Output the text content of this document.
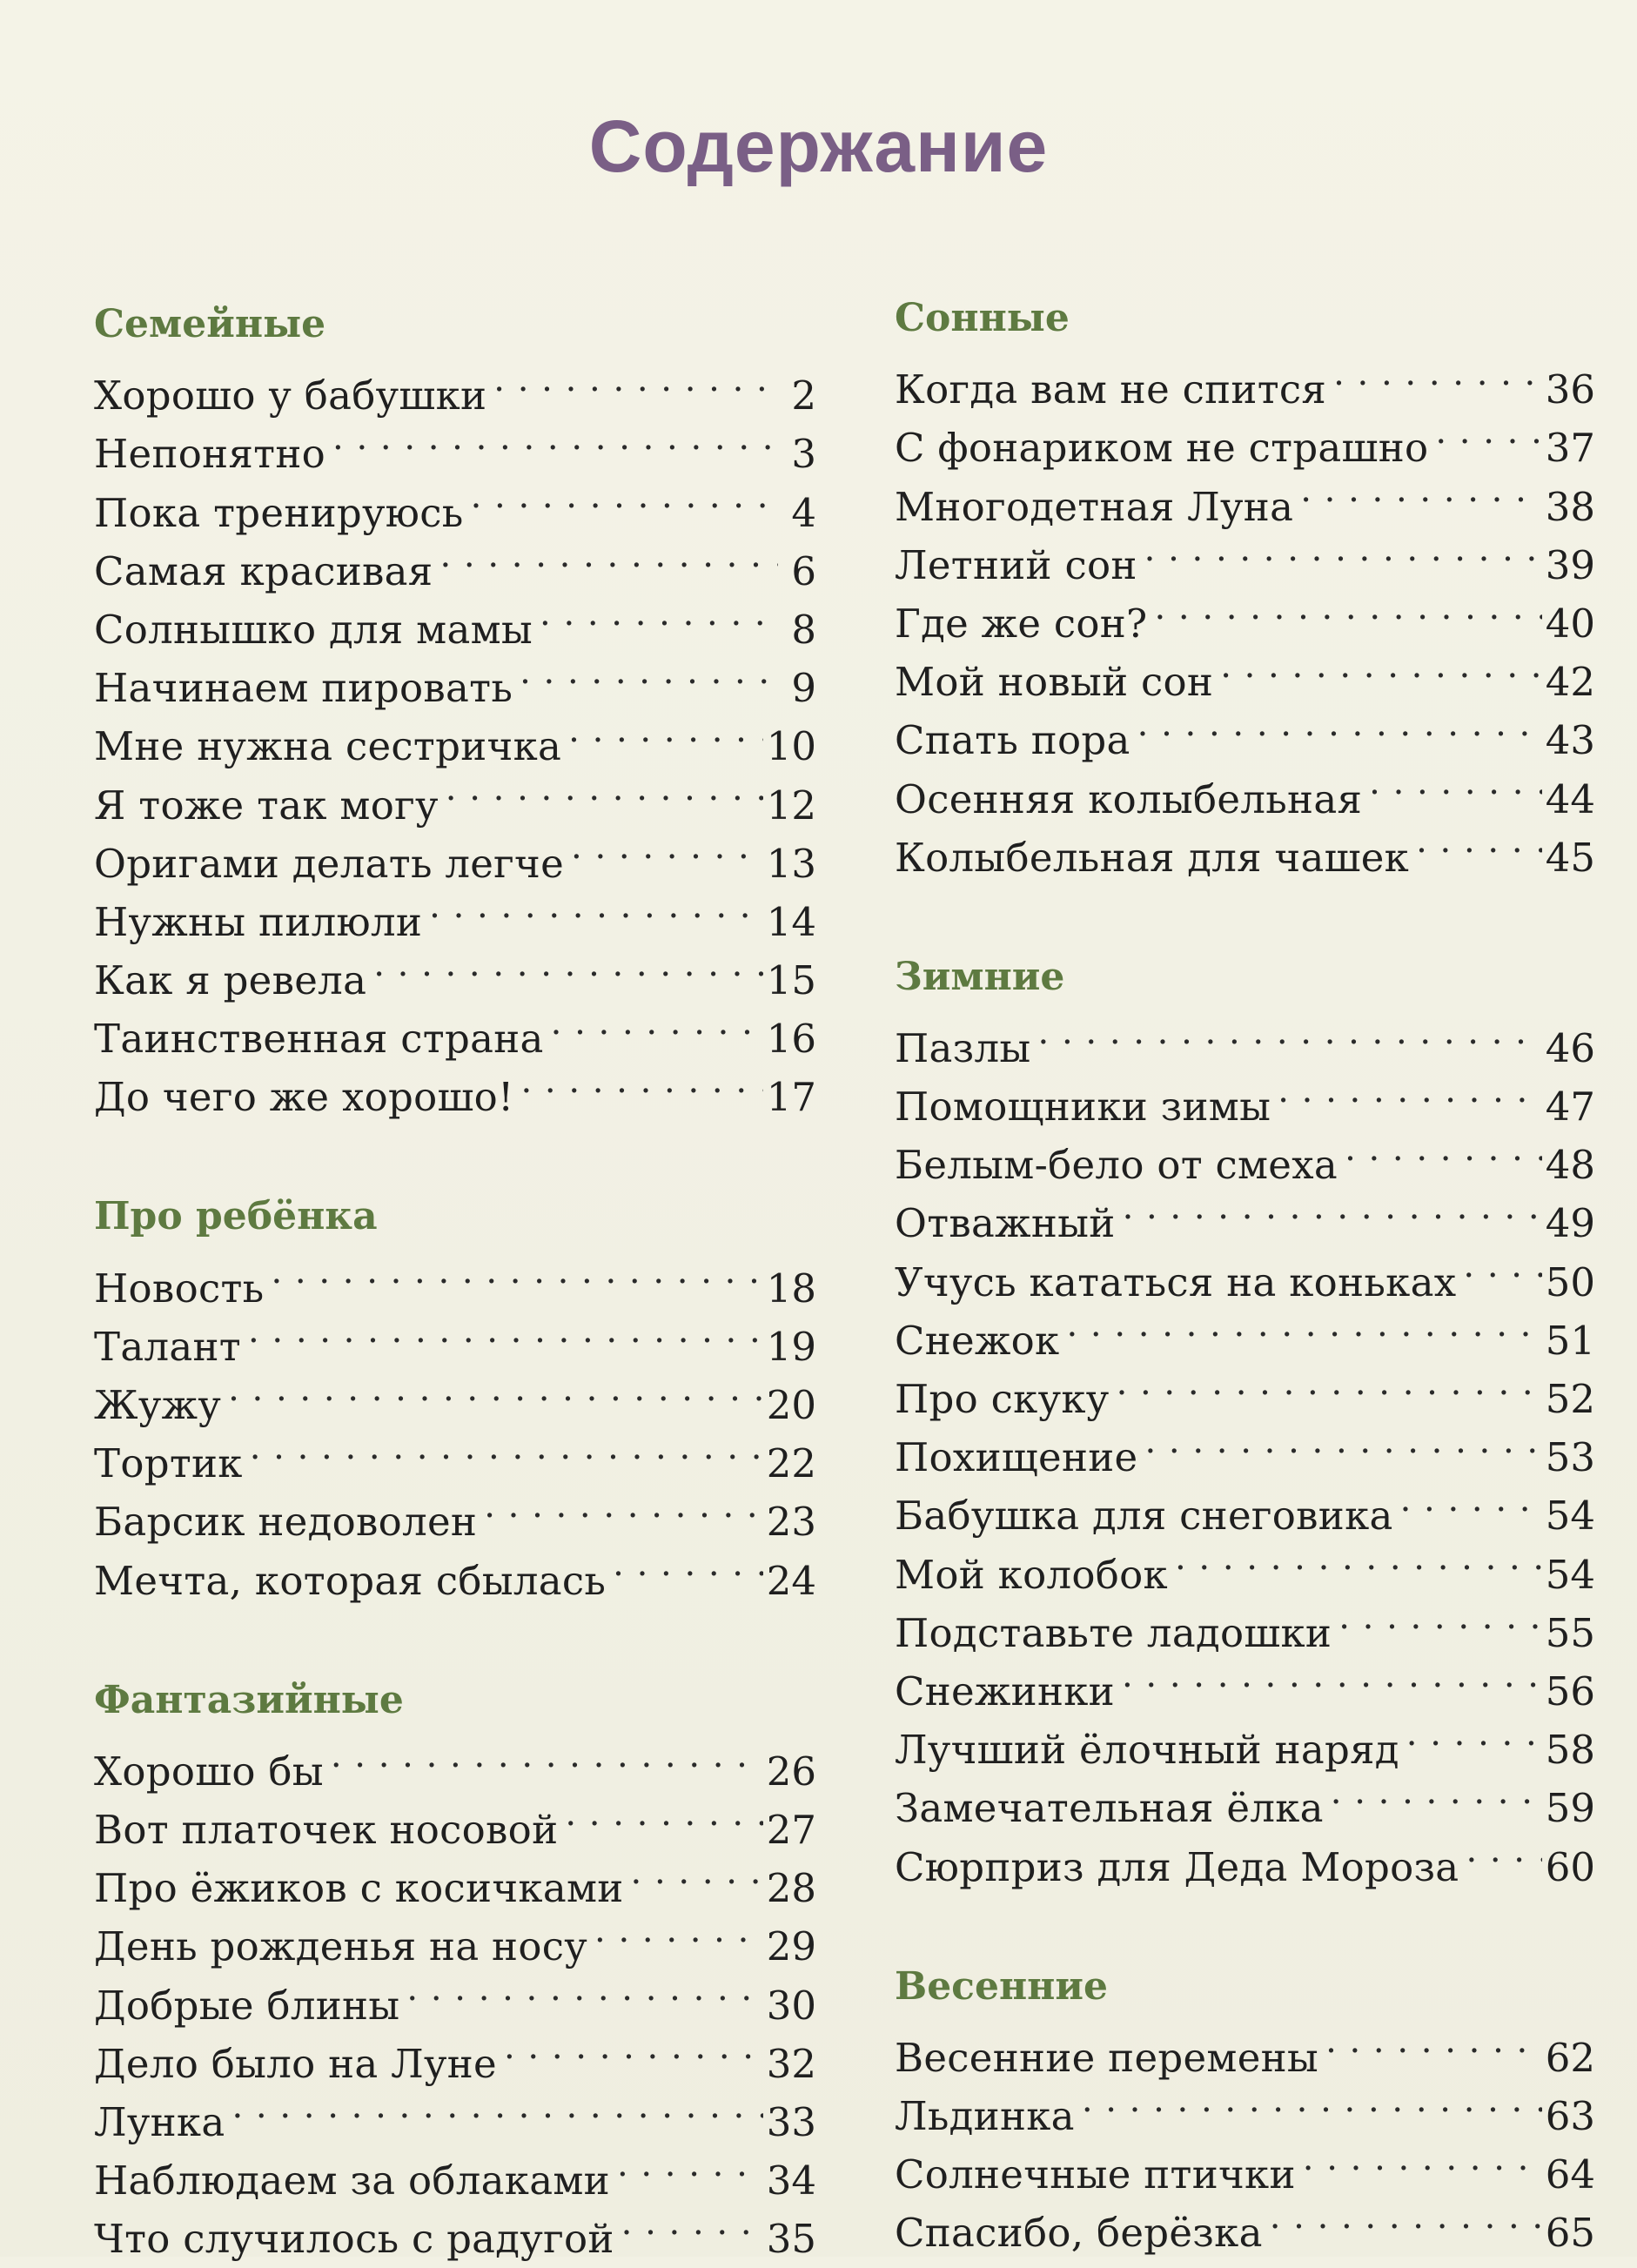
Содержание
Семейные
Хорошо у бабушки . . .	2
Непонятно . . .	3
Пока тренируюсь . . .	4
Самая красивая . . .	6
Солнышко для мамы . . .	8
Начинаем пировать . . .	9
Мне нужна сестричка . . .	10
Я тоже так могу . . .	12
Оригами делать легче . . .	13
Нужны пилюли . . .	14
Как я ревела . . .	15
Таинственная страна . . .	16
До чего же хорошо! . . .	17
Про ребёнка
Новость . . .	18
Талант . . .	19
Жужу . . .	20
Тортик . . .	22
Барсик недоволен . . .	23
Мечта, которая сбылась . . .	24
Фантазийные
Хорошо бы . . .	26
Вот платочек носовой . . .	27
Про ёжиков с косичками . . .	28
День рожденья на носу . . .	29
Добрые блины . . .	30
Дело было на Луне . . .	32
Лунка . . .	33
Наблюдаем за облаками . . .	34
Что случилось с радугой . . .	35
Сонные
Когда вам не спится . . .	36
С фонариком не страшно . . .	37
Многодетная Луна . . .	38
Летний сон . . .	39
Где же сон? . . .	40
Мой новый сон . . .	42
Спать пора . . .	43
Осенняя колыбельная . . .	44
Колыбельная для чашек . . .	45
Зимние
Пазлы . . .	46
Помощники зимы . . .	47
Белым-бело от смеха . . .	48
Отважный . . .	49
Учусь кататься на коньках . . . 50
Снежок . . .	51
Про скуку . . .	52
Похищение . . .	53
Бабушка для снеговика . . .	54
Мой колобок . . .	54
Подставьте ладошки . . .	55
Снежинки . . .	56
Лучший ёлочный наряд . . .	58
Замечательная ёлка . . .	59
Сюрприз для Деда Мороза . . . 60
Весенние
Весенние перемены . . .	62
Льдинка . . .	63
Солнечные птички . . .	64
Спасибо, берёзка . . .	65
